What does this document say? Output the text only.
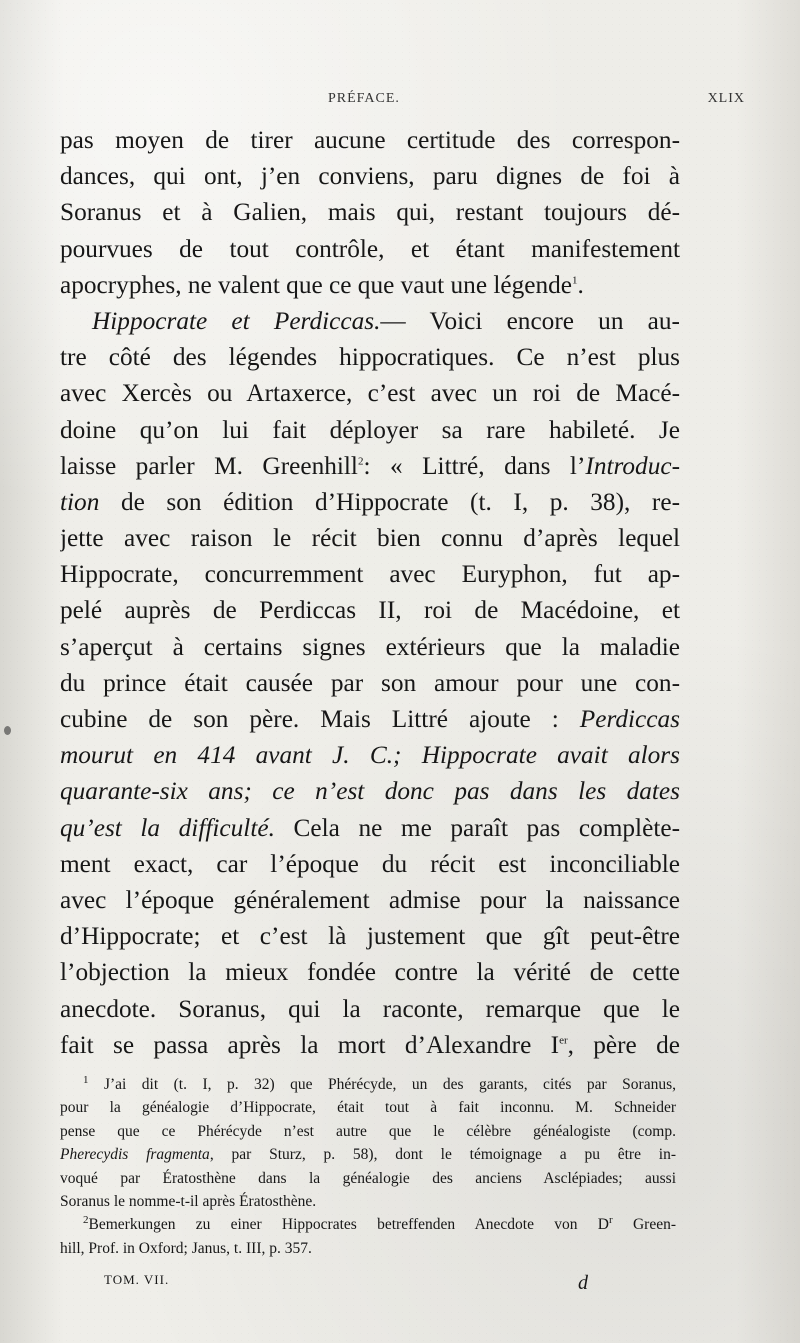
PRÉFACE.	XLIX
pas moyen de tirer aucune certitude des correspon-
dances, qui ont, j’en conviens, paru dignes de foi à
Soranus et à Galien, mais qui, restant toujours dé-
pourvues de tout contrôle, et étant manifestement
apocryphes, ne valent que ce que vaut une légende$^1$.
Hippocrate et Perdiccas.— Voici encore un au-
tre côté des légendes hippocratiques. Ce n’est plus
avec Xercès ou Artaxerce, c’est avec un roi de Macé-
doine qu’on lui fait déployer sa rare habileté. Je
laisse parler M. Greenhill$^2$: « Littré, dans l’Introduc-
tion de son édition d’Hippocrate (t. I, p. 38), re-
jette avec raison le récit bien connu d’après lequel
Hippocrate, concurremment avec Euryphon, fut ap-
pelé auprès de Perdiccas II, roi de Macédoine, et
s’aperçut à certains signes extérieurs que la maladie
du prince était causée par son amour pour une con-
cubine de son père. Mais Littré ajoute : Perdiccas
mourut en 414 avant J. C.; Hippocrate avait alors
quarante-six ans; ce n’est donc pas dans les dates
qu’est la difficulté. Cela ne me paraît pas complète-
ment exact, car l’époque du récit est inconciliable
avec l’époque généralement admise pour la naissance
d’Hippocrate; et c’est là justement que gît peut-être
l’objection la mieux fondée contre la vérité de cette
anecdote. Soranus, qui la raconte, remarque que le
fait se passa après la mort d’Alexandre Ier, père de
$^1$ J’ai dit (t. I, p. 32) que Phérécyde, un des garants, cités par Soranus,
pour la généalogie d’Hippocrate, était tout à fait inconnu. M. Schneider
pense que ce Phérécyde n’est autre que le célèbre généalogiste (comp.
Pherecydis fragmenta, par Sturz, p. 58), dont le témoignage a pu être in-
voqué par Ératosthène dans la généalogie des anciens Asclépiades; aussi
Soranus le nomme-t-il après Ératosthène.
$^2$Bemerkungen zu einer Hippocrates betreffenden Anecdote von $D^r$ Green-
hill, Prof. in Oxford; Janus, t. III, p. 357.
TOM. VII.	d
